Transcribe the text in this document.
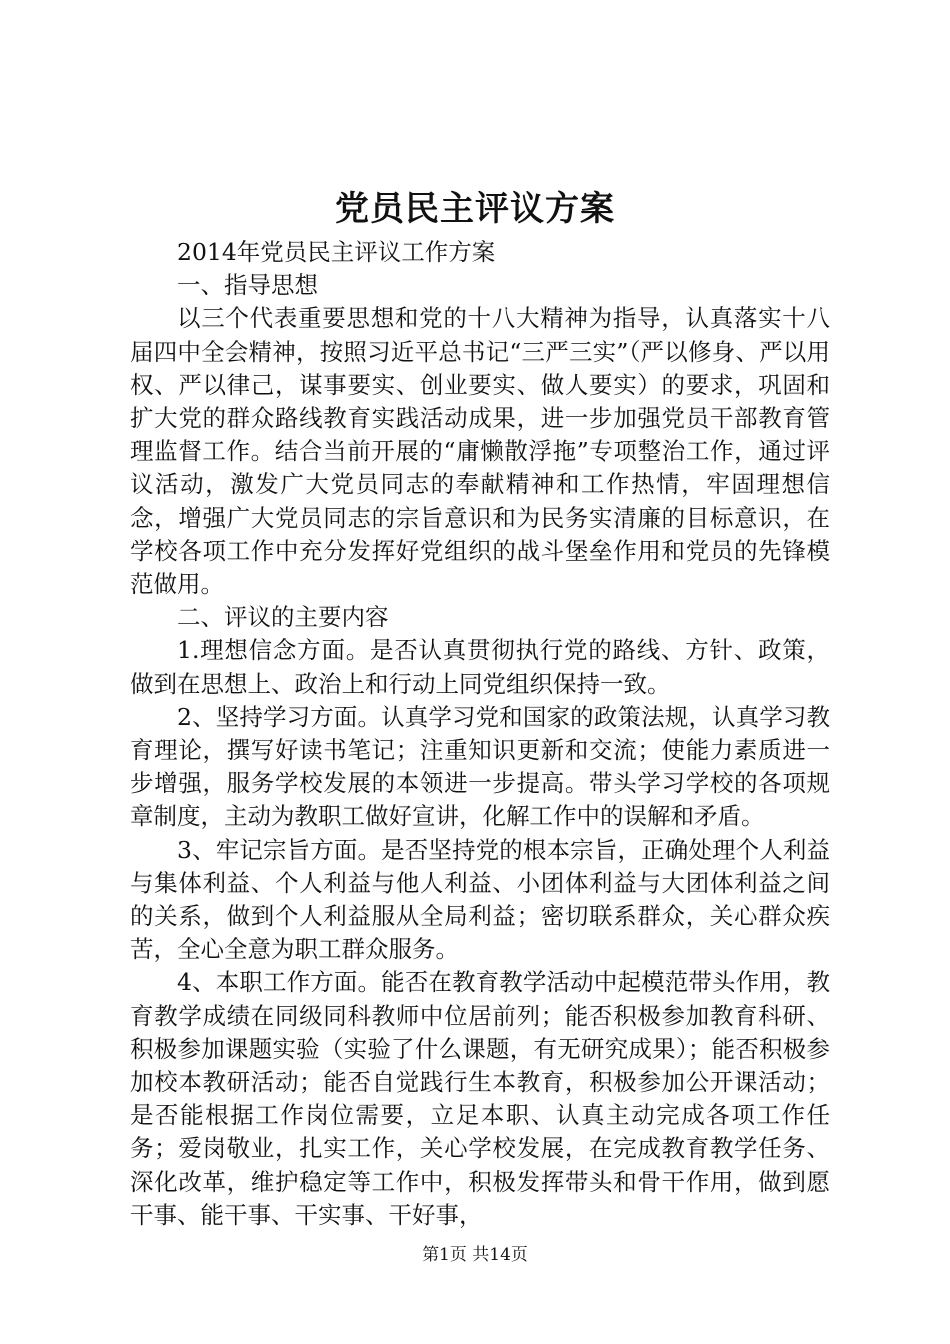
党员民主评议方案

2014年党员民主评议工作方案

一、指导思想

以三个代表重要思想和党的十八大精神为指导，认真落实十八届四中全会精神，按照习近平总书记“三严三实”（严以修身、严以用权、严以律己，谋事要实、创业要实、做人要实）的要求，巩固和扩大党的群众路线教育实践活动成果，进一步加强党员干部教育管理监督工作。结合当前开展的“庸懒散浮拖”专项整治工作，通过评议活动，激发广大党员同志的奉献精神和工作热情，牢固理想信念，增强广大党员同志的宗旨意识和为民务实清廉的目标意识，在学校各项工作中充分发挥好党组织的战斗堡垒作用和党员的先锋模范做用。

二、评议的主要内容

1.理想信念方面。是否认真贯彻执行党的路线、方针、政策，做到在思想上、政治上和行动上同党组织保持一致。

2、坚持学习方面。认真学习党和国家的政策法规，认真学习教育理论，撰写好读书笔记；注重知识更新和交流；使能力素质进一步增强，服务学校发展的本领进一步提高。带头学习学校的各项规章制度，主动为教职工做好宣讲，化解工作中的误解和矛盾。

3、牢记宗旨方面。是否坚持党的根本宗旨，正确处理个人利益与集体利益、个人利益与他人利益、小团体利益与大团体利益之间的关系，做到个人利益服从全局利益；密切联系群众，关心群众疾苦，全心全意为职工群众服务。

4、本职工作方面。能否在教育教学活动中起模范带头作用，教育教学成绩在同级同科教师中位居前列；能否积极参加教育科研、积极参加课题实验（实验了什么课题，有无研究成果）；能否积极参加校本教研活动；能否自觉践行生本教育，积极参加公开课活动；是否能根据工作岗位需要，立足本职、认真主动完成各项工作任务；爱岗敬业，扎实工作，关心学校发展，在完成教育教学任务、深化改革，维护稳定等工作中，积极发挥带头和骨干作用，做到愿干事、能干事、干实事、干好事，

第1页 共14页
